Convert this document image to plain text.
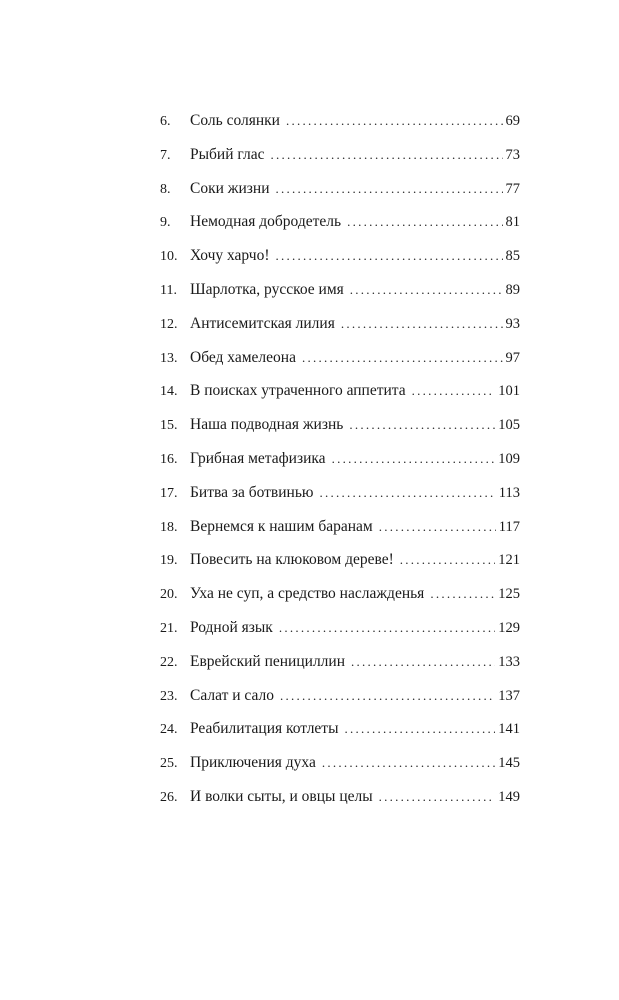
6.	Соль солянки . . .	69
7.	Рыбий глас . . .	73
8.	Соки жизни . . .	77
9.	Немодная добродетель . . .	81
10. Хочу харчо! . . .	85
11. Шарлотка, русское имя . . .	89
12. Антисемитская лилия . . .	93
13. Обед хамелеона . . .	97
14. В поисках утраченного аппетита . . .	101
15. Наша подводная жизнь . . .	105
16. Грибная метафизика . . .	109
17. Битва за ботвинью . . .	113
18. Вернемся к нашим баранам . . .	117
19. Повесить на клюковом дереве! . . .	121
20. Уха не суп, а средство наслажденья . . .	125
21. Родной язык . . .	129
22. Еврейский пенициллин . . .	133
23. Салат и сало . . .	137
24. Реабилитация котлеты . . .	141
25. Приключения духа . . .	145
26. И волки сыты, и овцы целы . . .	149
